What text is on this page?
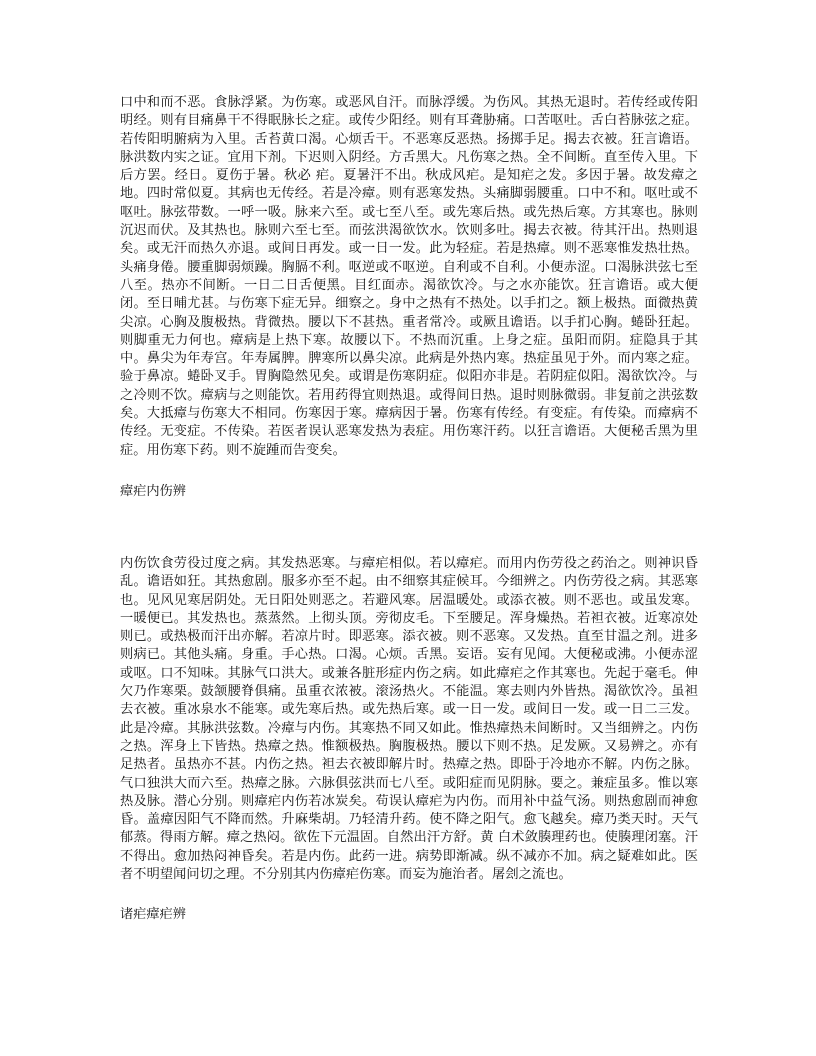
口中和而不恶。食脉浮紧。为伤寒。或恶风自汗。而脉浮缓。为伤风。其热无退时。若传经或传阳明经。则有目痛鼻干不得眠脉长之症。或传少阳经。则有耳聋胁痛。口苦呕吐。舌白苔脉弦之症。若传阳明腑病为入里。舌苔黄口渴。心烦舌干。不恶寒反恶热。扬掷手足。揭去衣被。狂言谵语。脉洪数内实之证。宜用下剂。下迟则入阴经。方舌黑大。凡伤寒之热。全不间断。直至传入里。下后方罢。经日。夏伤于暑。秋必 疟。夏暑汗不出。秋成风疟。是知疟之发。多因于暑。故发瘴之地。四时常似夏。其病也无传经。若是冷瘴。则有恶寒发热。头痛脚弱腰重。口中不和。呕吐或不呕吐。脉弦带数。一呼一吸。脉来六至。或七至八至。或先寒后热。或先热后寒。方其寒也。脉则沉迟而伏。及其热也。脉则六至七至。而弦洪渴欲饮水。饮则多吐。揭去衣被。待其汗出。热则退矣。或无汗而热久亦退。或间日再发。或一日一发。此为轻症。若是热瘴。则不恶寒惟发热壮热。头痛身倦。腰重脚弱烦躁。胸膈不利。呕逆或不呕逆。自利或不自利。小便赤涩。口渴脉洪弦七至八至。热亦不间断。一日二日舌便黑。目红面赤。渴欲饮冷。与之水亦能饮。狂言谵语。或大便闭。至日晡尤甚。与伤寒下症无异。细察之。身中之热有不热处。以手扪之。额上极热。面微热黄尖凉。心胸及腹极热。背微热。腰以下不甚热。重者常冷。或厥且谵语。以手扪心胸。蜷卧狂起。则脚重无力何也。瘴病是上热下寒。故腰以下。不热而沉重。上身之症。虽阳而阴。症隐具于其中。鼻尖为年寿宫。年寿属脾。脾寒所以鼻尖凉。此病是外热内寒。热症虽见于外。而内寒之症。验于鼻凉。蜷卧叉手。胃胸隐然见矣。或谓是伤寒阴症。似阳亦非是。若阴症似阳。渴欲饮冷。与之冷则不饮。瘴病与之则能饮。若用药得宜则热退。或得间日热。退时则脉微弱。非复前之洪弦数矣。大抵瘴与伤寒大不相同。伤寒因于寒。瘴病因于暑。伤寒有传经。有变症。有传染。而瘴病不传经。无变症。不传染。若医者误认恶寒发热为表症。用伤寒汗药。以狂言谵语。大便秘舌黑为里症。用伤寒下药。则不旋踵而告变矣。

瘴疟内伤辨

内伤饮食劳役过度之病。其发热恶寒。与瘴疟相似。若以瘴疟。而用内伤劳役之药治之。则神识昏乱。谵语如狂。其热愈剧。服多亦至不起。由不细察其症候耳。今细辨之。内伤劳役之病。其恶寒也。见风见寒居阴处。无日阳处则恶之。若避风寒。居温暖处。或添衣被。则不恶也。或虽发寒。一暖便已。其发热也。蒸蒸然。上彻头顶。旁彻皮毛。下至腰足。浑身燥热。若袒衣被。近寒凉处则已。或热极而汗出亦解。若凉片时。即恶寒。添衣被。则不恶寒。又发热。直至甘温之剂。进多则病已。其他头痛。身重。手心热。口渴。心烦。舌黑。妄语。妄有见闻。大便秘或沸。小便赤涩或呕。口不知味。其脉气口洪大。或兼各脏形症内伤之病。如此瘴疟之作其寒也。先起于毫毛。伸欠乃作寒栗。鼓颔腰脊俱痛。虽重衣浓被。滚汤热火。不能温。寒去则内外皆热。渴欲饮冷。虽袒去衣被。重冰泉水不能寒。或先寒后热。或先热后寒。或一日一发。或间日一发。或一日二三发。此是冷瘴。其脉洪弦数。冷瘴与内伤。其寒热不同又如此。惟热瘴热未间断时。又当细辨之。内伤之热。浑身上下皆热。热瘴之热。惟额极热。胸腹极热。腰以下则不热。足发厥。又易辨之。亦有足热者。虽热亦不甚。内伤之热。袒去衣被即解片时。热瘴之热。即卧于冷地亦不解。内伤之脉。气口独洪大而六至。热瘴之脉。六脉俱弦洪而七八至。或阳症而见阴脉。要之。兼症虽多。惟以寒热及脉。潜心分别。则瘴疟内伤若冰炭矣。苟误认瘴疟为内伤。而用补中益气汤。则热愈剧而神愈昏。盖瘴因阳气不降而然。升麻柴胡。乃轻清升药。使不降之阳气。愈飞越矣。瘴乃类天时。天气郁蒸。得雨方解。瘴之热闷。欲佐下元温固。自然出汗方舒。黄 白术敛腠理药也。使腠理闭塞。汗不得出。愈加热闷神昏矣。若是内伤。此药一进。病势即渐减。纵不减亦不加。病之疑难如此。医者不明望闻问切之理。不分别其内伤瘴疟伤寒。而妄为施治者。屠刽之流也。

诸疟瘴疟辨
